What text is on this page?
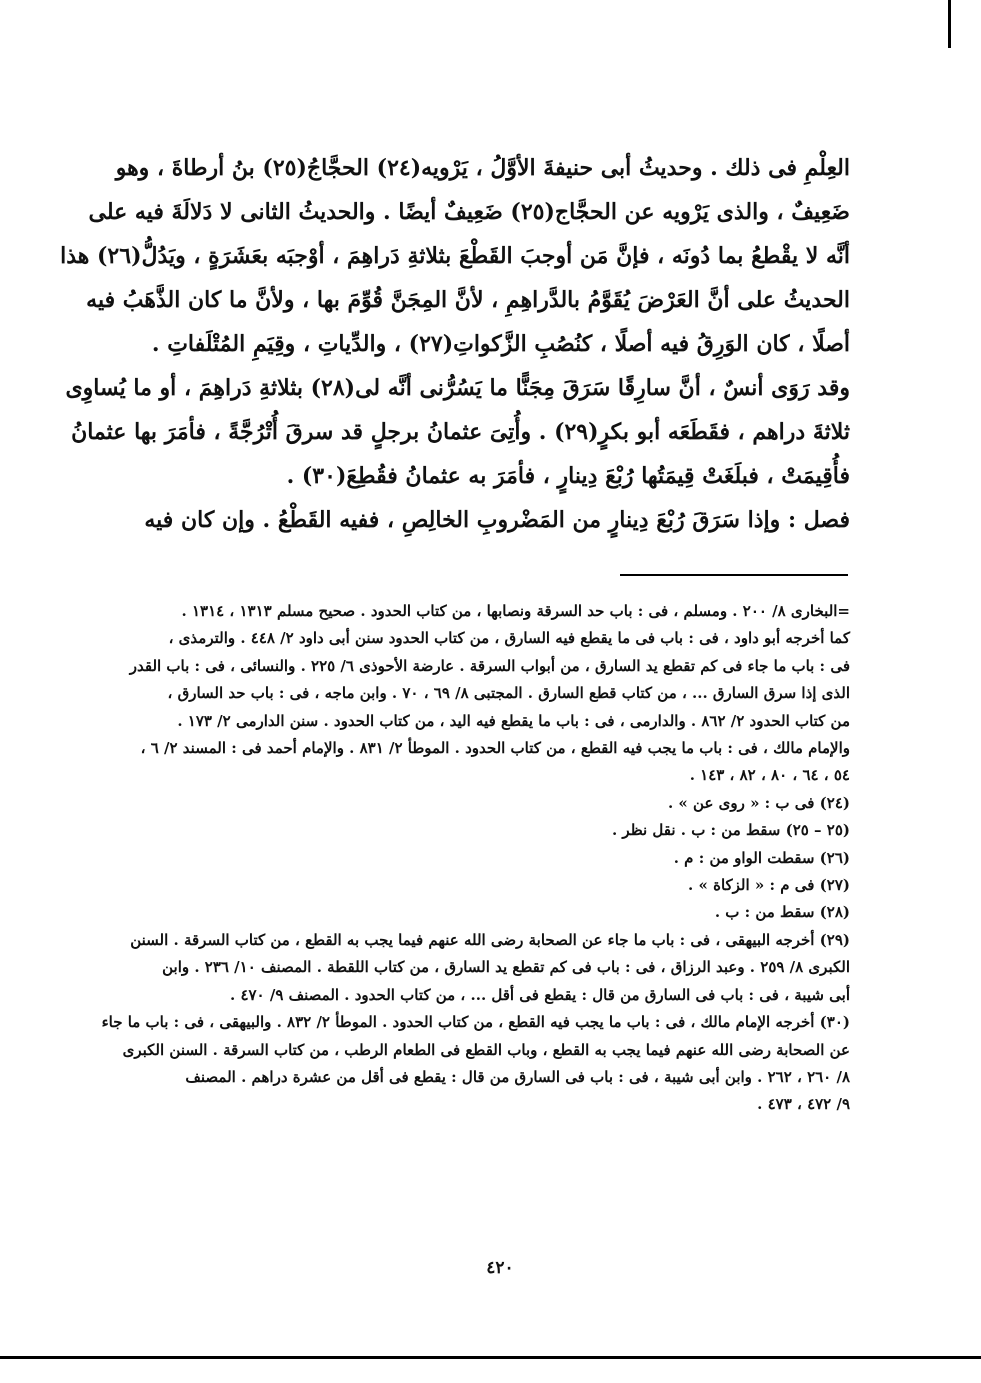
العِلْمِ فى ذلك . وحديثُ أبى حنيفةَ الأوَّلُ ، يَرْويه(٢٤) الحجَّاجُ(٢٥) بنُ أرطاةَ ، وهو
ضَعِيفٌ ، والذى يَرْويه عن الحجَّاج(٢٥) ضَعِيفٌ أيضًا . والحديثُ الثانى لا دَلالَةَ فيه على
أنَّه لا يقْطعُ بما دُونَه ، فإنَّ مَن أوجبَ القَطْعَ بثلاثةِ دَراهِمَ ، أوْجبَه بعَشَرَةٍ ، ويَدُلُّ(٢٦) هذا
الحديثُ على أنَّ العَرْضَ يُقَوَّمُ بالدَّراهِمِ ، لأنَّ المِجَنَّ قُوِّمَ بها ، ولأنَّ ما كان الذَّهَبُ فيه
أصلًا ، كان الوَرِقُ فيه أصلًا ، كنُصُبِ الزَّكواتِ(٢٧) ، والدِّياتِ ، وقِيَمِ المُتْلَفاتِ .
وقد رَوَى أنسٌ ، أنَّ سارِقًا سَرَقَ مِجَنًّا ما يَسُرُّنى أنَّه لى(٢٨) بثلاثةِ دَراهِمَ ، أو ما يُساوِى
ثلاثةَ دراهم ، فقَطَعَه أبو بكرٍ(٢٩) . وأُتِىَ عثمانُ برجلٍ قد سرقَ أُتْرُجَّةً ، فأمَرَ بها عثمانُ
فأُقِيمَتْ ، فبلَغَتْ قِيمَتُها رُبْعَ دِينارٍ ، فأمَرَ به عثمانُ فقُطِعَ(٣٠) .
فصل : وإذا سَرَقَ رُبْعَ دِينارٍ من المَضْروبِ الخالِصِ ، ففيه القَطْعُ . وإن كان فيه
=البخارى ٨/ ٢٠٠ . ومسلم ، فى : باب حد السرقة ونصابها ، من كتاب الحدود . صحيح مسلم ١٣١٣ ، ١٣١٤ .
كما أخرجه أبو داود ، فى : باب فى ما يقطع فيه السارق ، من كتاب الحدود سنن أبى داود ٢/ ٤٤٨ . والترمذى ،
فى : باب ما جاء فى كم تقطع يد السارق ، من أبواب السرقة . عارضة الأحوذى ٦/ ٢٢٥ . والنسائى ، فى : باب القدر
الذى إذا سرق السارق ... ، من كتاب قطع السارق . المجتبى ٨/ ٦٩ ، ٧٠ . وابن ماجه ، فى : باب حد السارق ،
من كتاب الحدود ٢/ ٨٦٢ . والدارمى ، فى : باب ما يقطع فيه اليد ، من كتاب الحدود . سنن الدارمى ٢/ ١٧٣ .
والإمام مالك ، فى : باب ما يجب فيه القطع ، من كتاب الحدود . الموطأ ٢/ ٨٣١ . والإمام أحمد فى : المسند ٢/ ٦ ،
٥٤ ، ٦٤ ، ٨٠ ، ٨٢ ، ١٤٣ .
(٢٤) فى ب : « روى عن » .
(٢٥ – ٢٥) سقط من : ب . نقل نظر .
(٢٦) سقطت الواو من : م .
(٢٧) فى م : « الزكاة » .
(٢٨) سقط من : ب .
(٢٩) أخرجه البيهقى ، فى : باب ما جاء عن الصحابة رضى الله عنهم فيما يجب به القطع ، من كتاب السرقة . السنن
الكبرى ٨/ ٢٥٩ . وعبد الرزاق ، فى : باب فى كم تقطع يد السارق ، من كتاب اللقطة . المصنف ١٠/ ٢٣٦ . وابن
أبى شيبة ، فى : باب فى السارق من قال : يقطع فى أقل ... ، من كتاب الحدود . المصنف ٩/ ٤٧٠ .
(٣٠) أخرجه الإمام مالك ، فى : باب ما يجب فيه القطع ، من كتاب الحدود . الموطأ ٢/ ٨٣٢ . والبيهقى ، فى : باب ما جاء
عن الصحابة رضى الله عنهم فيما يجب به القطع ، وباب القطع فى الطعام الرطب ، من كتاب السرقة . السنن الكبرى
٨/ ٢٦٠ ، ٢٦٢ . وابن أبى شيبة ، فى : باب فى السارق من قال : يقطع فى أقل من عشرة دراهم . المصنف
٩/ ٤٧٢ ، ٤٧٣ .
٤٢٠
